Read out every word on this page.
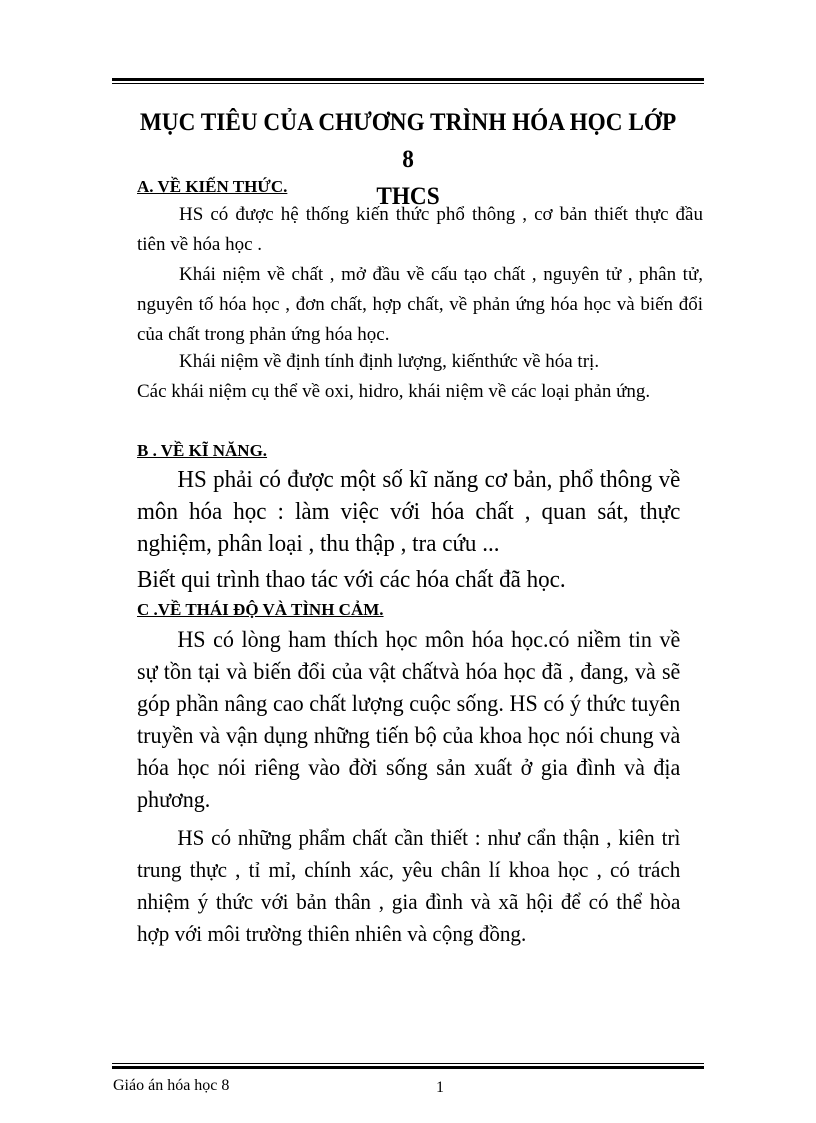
MỤC TIÊU CỦA CHƯƠNG TRÌNH HÓA HỌC LỚP 8
THCS
A. VỀ KIẾN THỨC.
HS có được hệ thống kiến thức phổ thông , cơ bản thiết thực đầu tiên về hóa học .
Khái niệm về chất , mở đầu về cấu tạo chất , nguyên tử , phân tử, nguyên tố hóa học , đơn chất, hợp chất, về phản ứng hóa học và biến đổi của chất trong phản ứng hóa học.
Khái niệm về định tính định lượng, kiếnthức về hóa trị.
Các khái niệm cụ thể về oxi, hidro, khái niệm về các loại phản ứng.
B . VỀ KĨ NĂNG.
HS phải có được một số kĩ năng cơ bản, phổ thông về môn hóa học : làm việc với hóa chất , quan sát, thực nghiệm, phân loại , thu thập , tra cứu ...
Biết qui trình thao tác với các hóa chất đã học.
C .VỀ THÁI ĐỘ VÀ TÌNH CẢM.
HS có lòng ham thích học môn hóa học.có niềm tin về sự tồn tại và biến đổi của vật chấtvà hóa học đã , đang, và sẽ góp phần nâng cao chất lượng cuộc sống. HS có ý thức tuyên truyền và vận dụng những tiến bộ của khoa học nói chung và hóa học nói riêng vào đời sống sản xuất ở gia đình và địa phương.
HS có những phẩm chất cần thiết : như cẩn thận , kiên trì trung thực , tỉ mỉ, chính xác, yêu chân lí khoa học , có trách nhiệm ý thức với bản thân , gia đình và xã hội để có thể hòa hợp với môi trường thiên nhiên và cộng đồng.
Giáo án hóa học 8	1
